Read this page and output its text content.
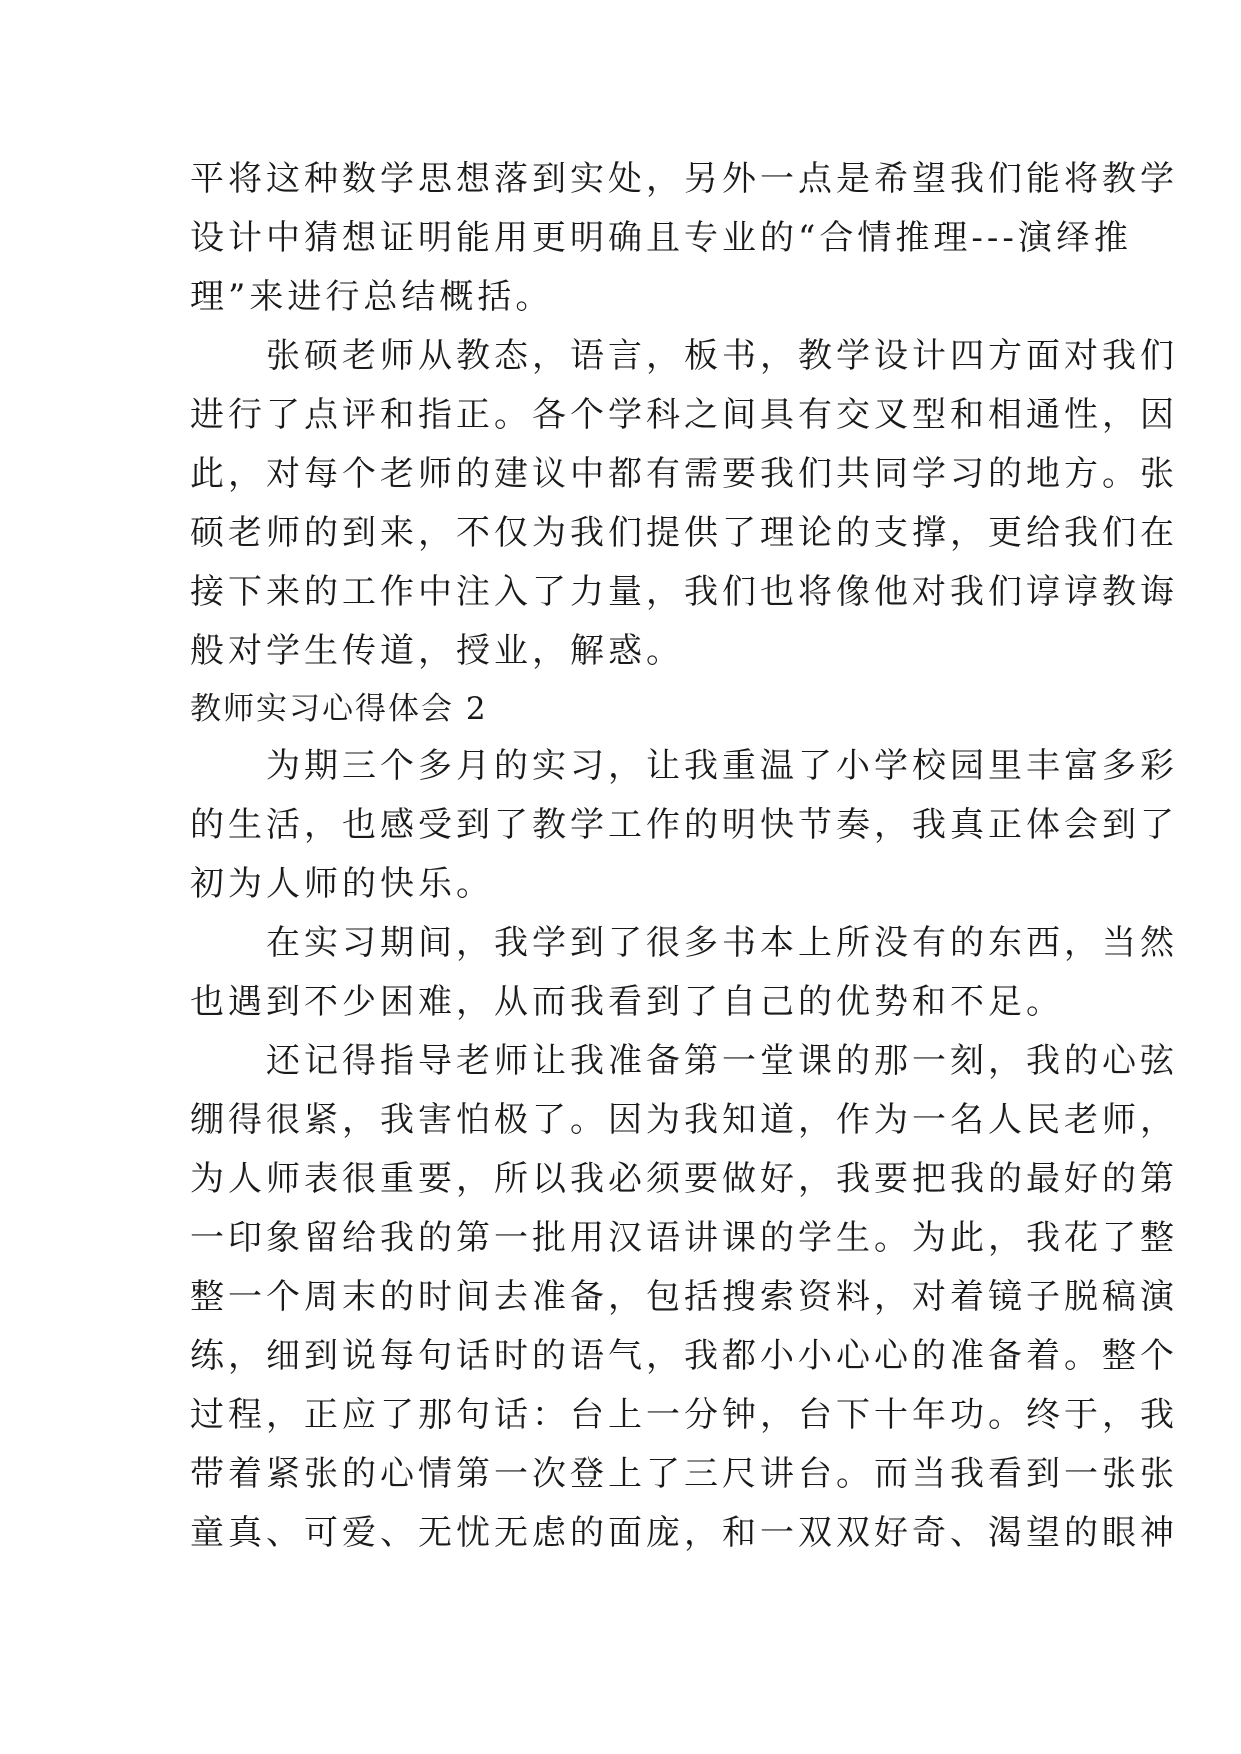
平将这种数学思想落到实处，另外一点是希望我们能将教学
设计中猜想证明能用更明确且专业的“合情推理---演绎推
理”来进行总结概括。
张硕老师从教态，语言，板书，教学设计四方面对我们
进行了点评和指正。各个学科之间具有交叉型和相通性，因
此，对每个老师的建议中都有需要我们共同学习的地方。张
硕老师的到来，不仅为我们提供了理论的支撑，更给我们在
接下来的工作中注入了力量，我们也将像他对我们谆谆教诲
般对学生传道，授业，解惑。
教师实习心得体会 2
为期三个多月的实习，让我重温了小学校园里丰富多彩
的生活，也感受到了教学工作的明快节奏，我真正体会到了
初为人师的快乐。
在实习期间，我学到了很多书本上所没有的东西，当然
也遇到不少困难，从而我看到了自己的优势和不足。
还记得指导老师让我准备第一堂课的那一刻，我的心弦
绷得很紧，我害怕极了。因为我知道，作为一名人民老师，
为人师表很重要，所以我必须要做好，我要把我的最好的第
一印象留给我的第一批用汉语讲课的学生。为此，我花了整
整一个周末的时间去准备，包括搜索资料，对着镜子脱稿演
练，细到说每句话时的语气，我都小小心心的准备着。整个
过程，正应了那句话：台上一分钟，台下十年功。终于，我
带着紧张的心情第一次登上了三尺讲台。而当我看到一张张
童真、可爱、无忧无虑的面庞，和一双双好奇、渴望的眼神
